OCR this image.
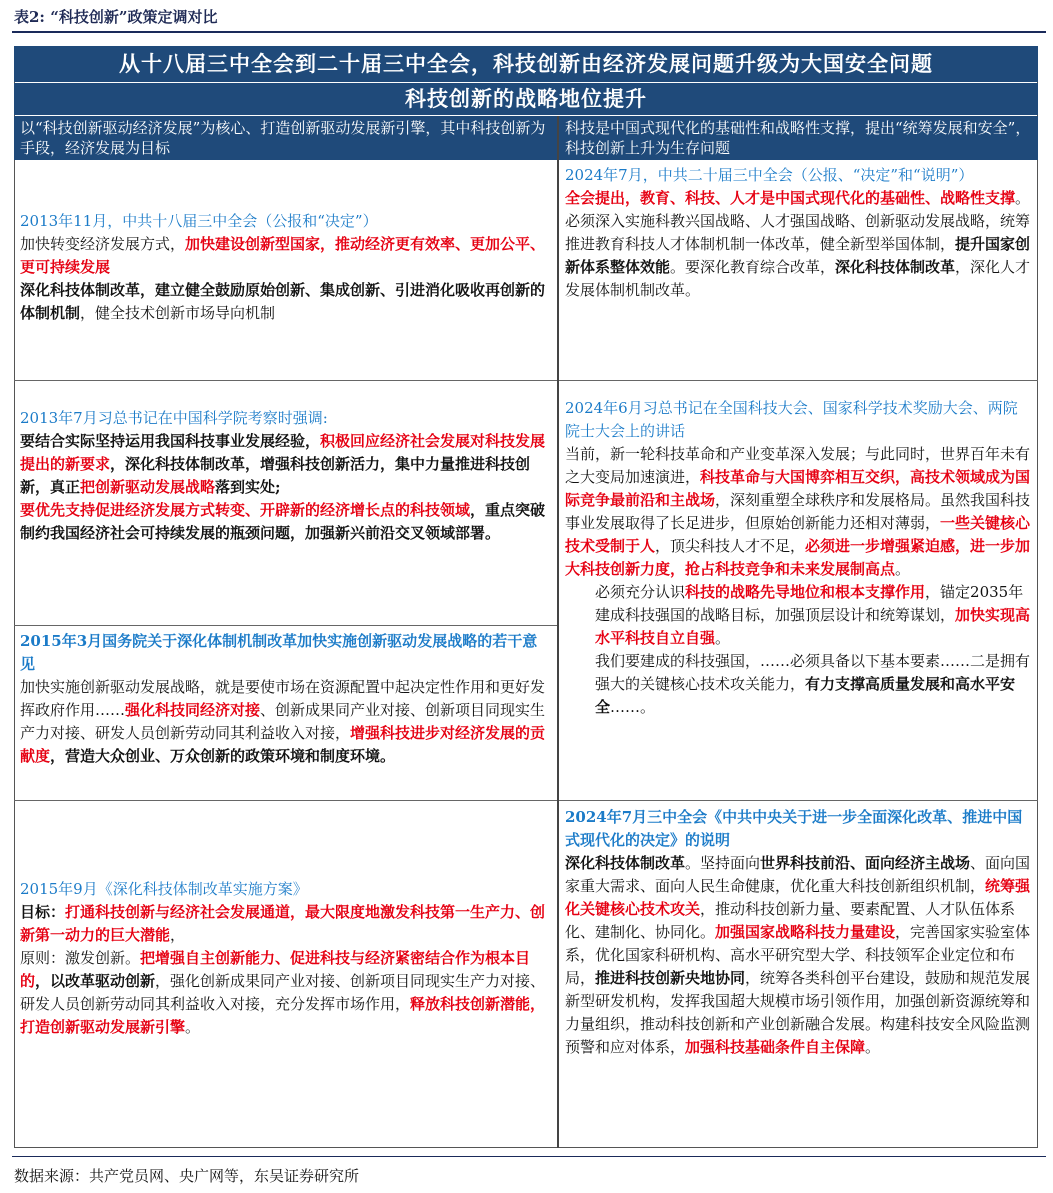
表2: “科技创新”政策定调对比
从十八届三中全会到二十届三中全会，科技创新由经济发展问题升级为大国安全问题
科技创新的战略地位提升
以“科技创新驱动经济发展”为核心、打造创新驱动发展新引擎，其中科技创新为手段，经济发展为目标
科技是中国式现代化的基础性和战略性支撑，提出“统筹发展和安全”，科技创新上升为生存问题
2013年11月，中共十八届三中全会（公报和“决定”）
加快转变经济发展方式，加快建设创新型国家，推动经济更有效率、更加公平、更可持续发展
深化科技体制改革，建立健全鼓励原始创新、集成创新、引进消化吸收再创新的体制机制，健全技术创新市场导向机制
2013年7月习总书记在中国科学院考察时强调:
要结合实际坚持运用我国科技事业发展经验，积极回应经济社会发展对科技发展提出的新要求，深化科技体制改革，增强科技创新活力，集中力量推进科技创新，真正把创新驱动发展战略落到实处;
要优先支持促进经济发展方式转变、开辟新的经济增长点的科技领域，重点突破制约我国经济社会可持续发展的瓶颈问题，加强新兴前沿交叉领域部署。
2015年3月国务院关于深化体制机制改革加快实施创新驱动发展战略的若干意见
加快实施创新驱动发展战略，就是要使市场在资源配置中起决定性作用和更好发挥政府作用……强化科技同经济对接、创新成果同产业对接、创新项目同现实生产力对接、研发人员创新劳动同其利益收入对接，增强科技进步对经济发展的贡献度，营造大众创业、万众创新的政策环境和制度环境。
2015年9月《深化科技体制改革实施方案》
目标：打通科技创新与经济社会发展通道，最大限度地激发科技第一生产力、创新第一动力的巨大潜能，
原则：激发创新。把增强自主创新能力、促进科技与经济紧密结合作为根本目的，以改革驱动创新，强化创新成果同产业对接、创新项目同现实生产力对接、研发人员创新劳动同其利益收入对接，充分发挥市场作用，释放科技创新潜能，打造创新驱动发展新引擎。
2024年7月，中共二十届三中全会（公报、“决定”和“说明”）
全会提出，教育、科技、人才是中国式现代化的基础性、战略性支撑。必须深入实施科教兴国战略、人才强国战略、创新驱动发展战略，统筹推进教育科技人才体制机制一体改革，健全新型举国体制，提升国家创新体系整体效能。要深化教育综合改革，深化科技体制改革，深化人才发展体制机制改革。
2024年6月习总书记在全国科技大会、国家科学技术奖励大会、两院院士大会上的讲话
当前，新一轮科技革命和产业变革深入发展；与此同时，世界百年未有之大变局加速演进，科技革命与大国博弈相互交织，高技术领域成为国际竞争最前沿和主战场，深刻重塑全球秩序和发展格局。虽然我国科技事业发展取得了长足进步，但原始创新能力还相对薄弱，一些关键核心技术受制于人，顶尖科技人才不足，必须进一步增强紧迫感，进一步加大科技创新力度，抢占科技竞争和未来发展制高点。
必须充分认识科技的战略先导地位和根本支撑作用，锚定2035年建成科技强国的战略目标，加强顶层设计和统筹谋划，加快实现高水平科技自立自强。
我们要建成的科技强国，……必须具备以下基本要素……二是拥有强大的关键核心技术攻关能力，有力支撑高质量发展和高水平安全……。
2024年7月三中全会《中共中央关于进一步全面深化改革、推进中国式现代化的决定》的说明
深化科技体制改革。坚持面向世界科技前沿、面向经济主战场、面向国家重大需求、面向人民生命健康，优化重大科技创新组织机制，统筹强化关键核心技术攻关，推动科技创新力量、要素配置、人才队伍体系化、建制化、协同化。加强国家战略科技力量建设，完善国家实验室体系，优化国家科研机构、高水平研究型大学、科技领军企业定位和布局，推进科技创新央地协同，统筹各类科创平台建设，鼓励和规范发展新型研发机构，发挥我国超大规模市场引领作用，加强创新资源统筹和力量组织，推动科技创新和产业创新融合发展。构建科技安全风险监测预警和应对体系，加强科技基础条件自主保障。
数据来源：共产党员网、央广网等，东吴证券研究所
